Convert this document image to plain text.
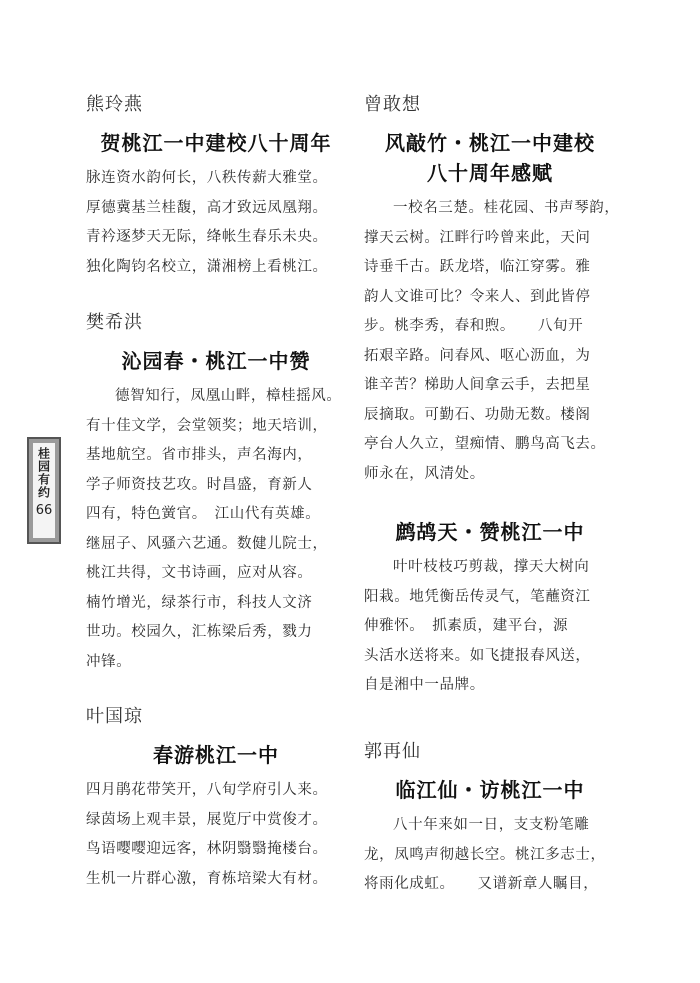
熊玲燕
贺桃江一中建校八十周年
脉连资水韵何长，八秩传薪大雅堂。
厚德冀基兰桂馥，高才致远凤凰翔。
青衿逐梦天无际，绛帐生春乐未央。
独化陶钧名校立，潇湘榜上看桃江。
樊希洪
沁园春・桃江一中赞
德智知行，凤凰山畔，樟桂摇风。
有十佳文学，会堂领奖；地天培训，
基地航空。省市排头，声名海内，
学子师资技艺攻。时昌盛，育新人
四有，特色黉官。　江山代有英雄。
继屈子、风骚六艺通。数健儿院士，
桃江共得，文书诗画，应对从容。
楠竹增光，绿茶行市，科技人文济
世功。校园久，汇栋梁后秀，戮力
冲锋。
叶国琼
春游桃江一中
四月鹃花带笑开，八旬学府引人来。
绿茵场上观丰景，展览厅中赏俊才。
鸟语嘤嘤迎远客，林阴翳翳掩楼台。
生机一片群心激，育栋培梁大有材。
曾敢想
风敲竹・桃江一中建校
八十周年感赋
一校名三楚。桂花园、书声琴韵，
撑天云树。江畔行吟曾来此，天问
诗垂千古。跃龙塔，临江穿雾。雅
韵人文谁可比？令来人、到此皆停
步。桃李秀，春和煦。　　八旬开
拓艰辛路。问春风、呕心沥血，为
谁辛苦？梯助人间拿云手，去把星
辰摘取。可勤石、功勋无数。楼阁
亭台人久立，望痴情、鹏鸟高飞去。
师永在，风清处。
鹧鸪天・赞桃江一中
叶叶枝枝巧剪裁，撑天大树向
阳栽。地凭衡岳传灵气，笔蘸资江
伸雅怀。　抓素质，建平台，源
头活水送将来。如飞捷报春风送，
自是湘中一品牌。
郭再仙
临江仙・访桃江一中
八十年来如一日，支支粉笔雕
龙，凤鸣声彻越长空。桃江多志士，
将雨化成虹。　　又谱新章人瞩目，
桂园有约
66
